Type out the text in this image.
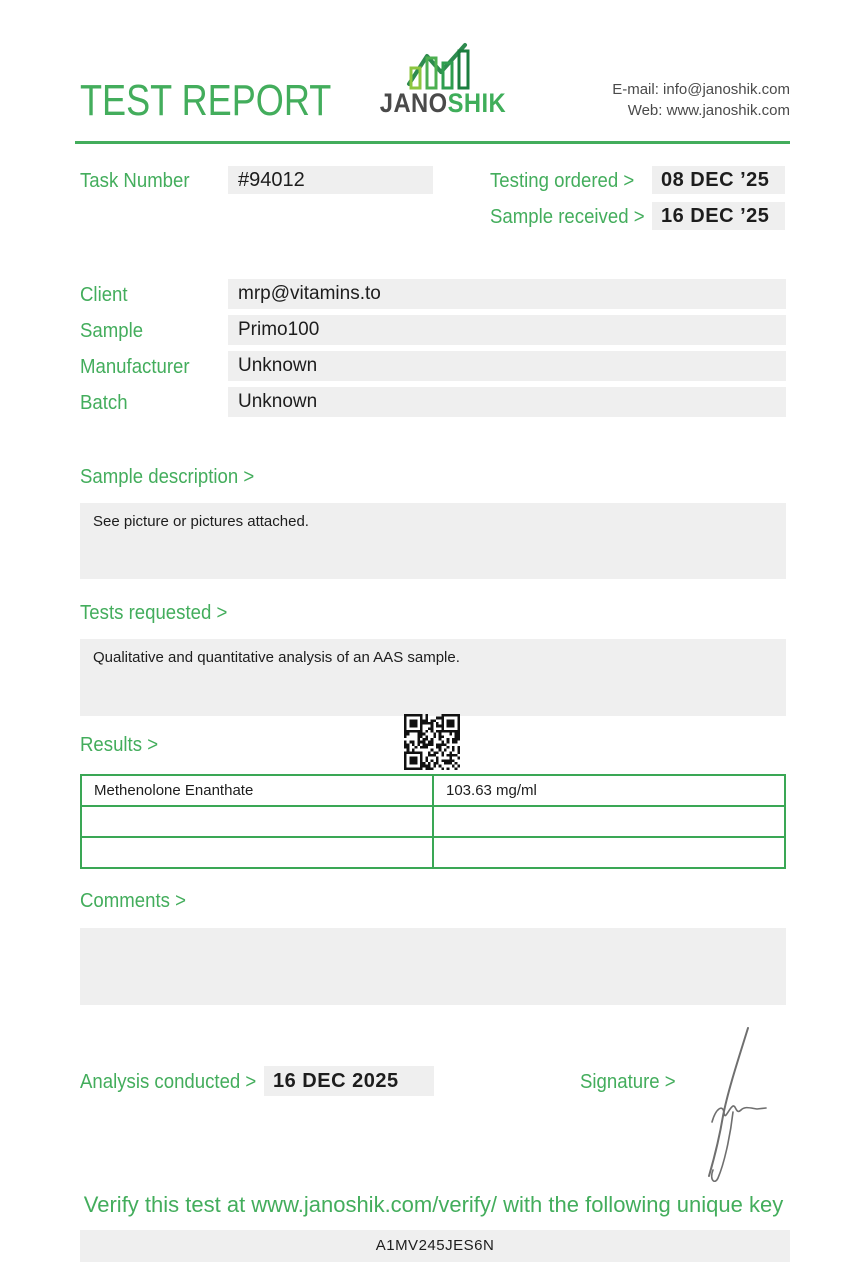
TEST REPORT JANOSHIK	E-mail: info@janoshik.com
Web: www.janoshik.com
Task Number	#94012	Testing ordered >	08 DEC ’25
Sample received > 16 DEC ’25
Client	mrp@vitamins.to
Sample	Primo100
Manufacturer	Unknown
Batch	Unknown
Sample description >
See picture or pictures attached.
Tests requested >
Qualitative and quantitative analysis of an AAS sample.
Results >
Methenolone Enanthate	103.63 mg/ml

Comments >
Analysis conducted > 16 DEC 2025	Signature >
Verify this test at www.janoshik.com/verify/ with the following unique key
A1MV245JES6N
